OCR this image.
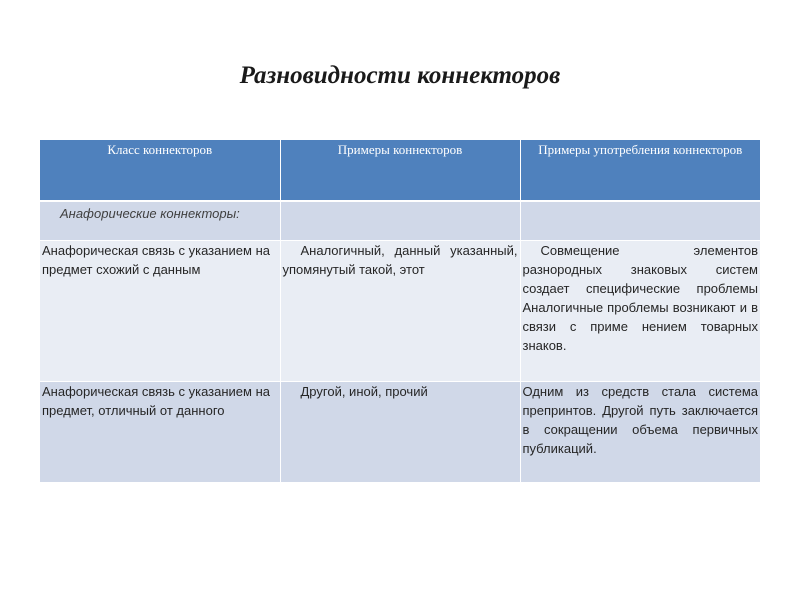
Разновидности коннекторов
Класс коннекторов	Примеры коннекторов	Примеры употребления коннекторов

Анафорические коннекторы:		

Анафорическая связь с указанием на предмет схожий с данным	Аналогичный, данный указанный, упомянутый такой, этот	Совмещение элементов разнородных знаковых систем создает специфические проблемы Аналогичные проблемы возникают и в связи с приме нением товарных знаков.
Анафорическая связь с указанием на предмет, отличный от данного	Другой, иной, прочий	Одним из средств стала система препринтов. Другой путь заключается в сокращении объема первичных публикаций.
